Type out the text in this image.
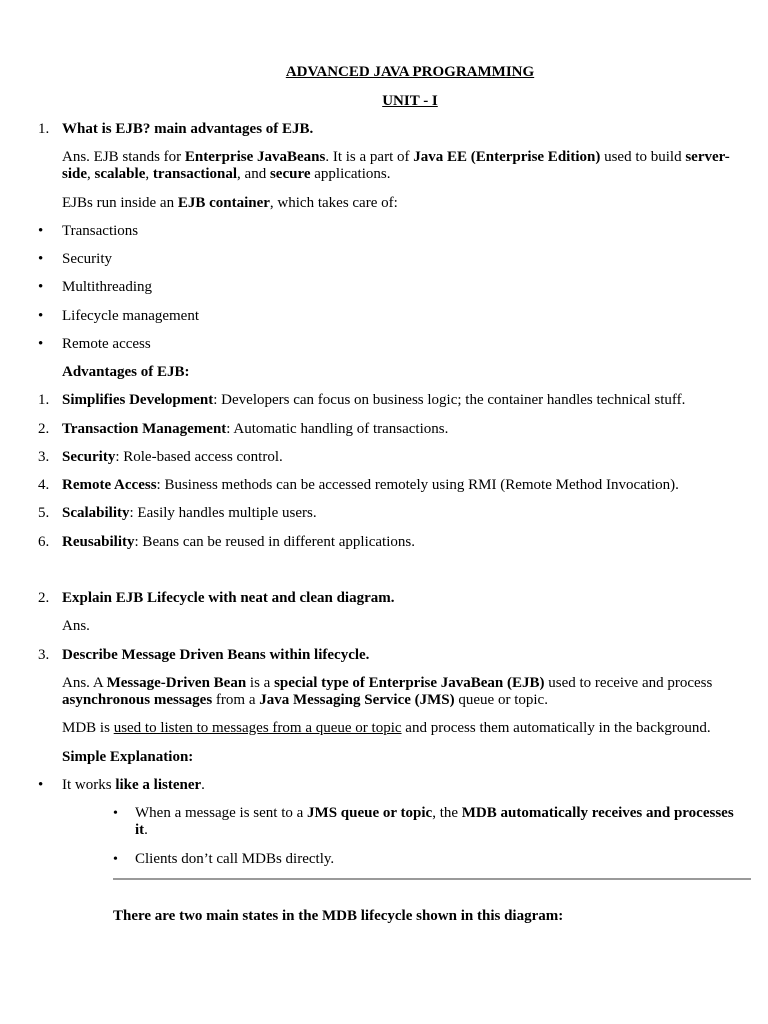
ADVANCED JAVA PROGRAMMING
UNIT - I
1. What is EJB? main advantages of EJB.
Ans. EJB stands for Enterprise JavaBeans. It is a part of Java EE (Enterprise Edition) used to build server-side, scalable, transactional, and secure applications.
EJBs run inside an EJB container, which takes care of:
• Transactions
• Security
• Multithreading
• Lifecycle management
• Remote access
Advantages of EJB:
1. Simplifies Development: Developers can focus on business logic; the container handles technical stuff.
2. Transaction Management: Automatic handling of transactions.
3. Security: Role-based access control.
4. Remote Access: Business methods can be accessed remotely using RMI (Remote Method Invocation).
5. Scalability: Easily handles multiple users.
6. Reusability: Beans can be reused in different applications.
2. Explain EJB Lifecycle with neat and clean diagram.
Ans.
3. Describe Message Driven Beans within lifecycle.
Ans. A Message-Driven Bean is a special type of Enterprise JavaBean (EJB) used to receive and process asynchronous messages from a Java Messaging Service (JMS) queue or topic.
MDB is used to listen to messages from a queue or topic and process them automatically in the background.
Simple Explanation:
• It works like a listener.
• When a message is sent to a JMS queue or topic, the MDB automatically receives and processes it.
• Clients don’t call MDBs directly.
There are two main states in the MDB lifecycle shown in this diagram:
